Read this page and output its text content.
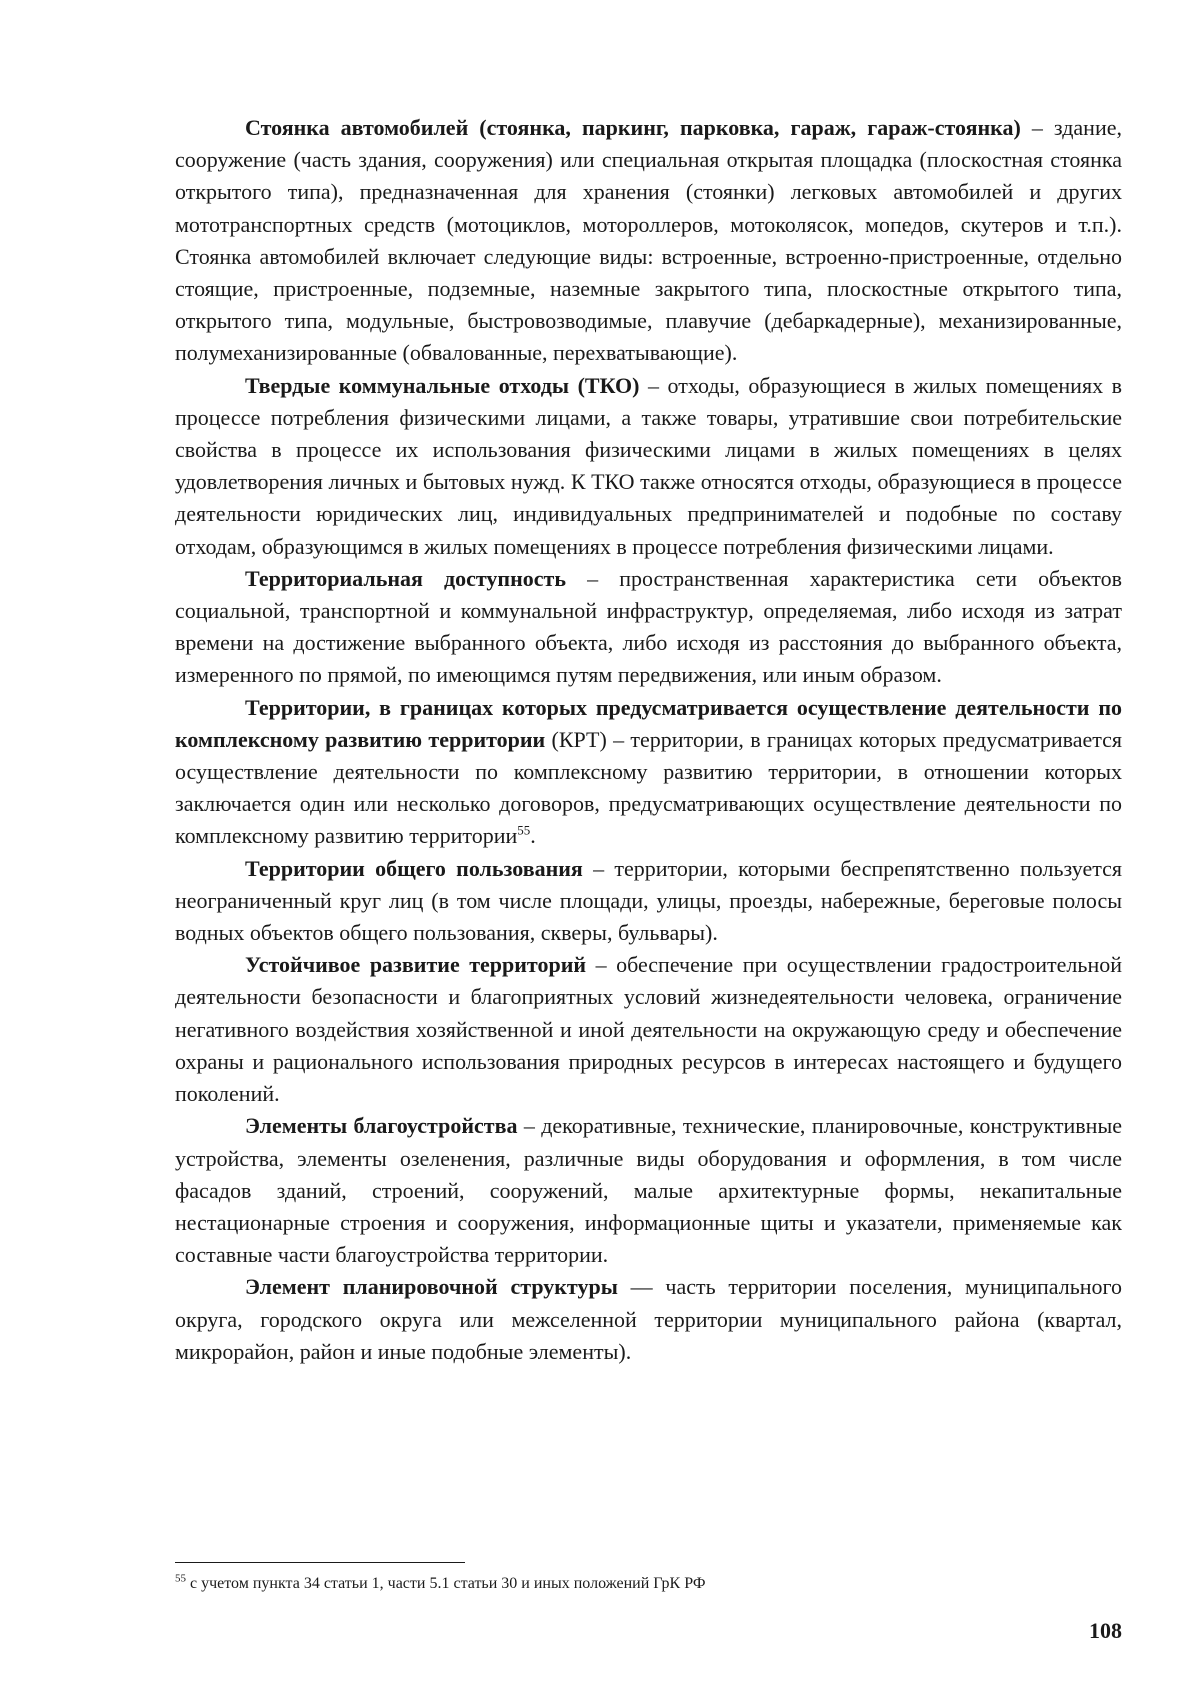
Стоянка автомобилей (стоянка, паркинг, парковка, гараж, гараж-стоянка) – здание, сооружение (часть здания, сооружения) или специальная открытая площадка (плоскостная стоянка открытого типа), предназначенная для хранения (стоянки) легковых автомобилей и других мототранспортных средств (мотоциклов, мотороллеров, мотоколясок, мопедов, скутеров и т.п.). Стоянка автомобилей включает следующие виды: встроенные, встроенно-пристроенные, отдельно стоящие, пристроенные, подземные, наземные закрытого типа, плоскостные открытого типа, открытого типа, модульные, быстровозводимые, плавучие (дебаркадерные), механизированные, полумеханизированные (обвалованные, перехватывающие).

Твердые коммунальные отходы (ТКО) – отходы, образующиеся в жилых помещениях в процессе потребления физическими лицами, а также товары, утратившие свои потребительские свойства в процессе их использования физическими лицами в жилых помещениях в целях удовлетворения личных и бытовых нужд. К ТКО также относятся отходы, образующиеся в процессе деятельности юридических лиц, индивидуальных предпринимателей и подобные по составу отходам, образующимся в жилых помещениях в процессе потребления физическими лицами.

Территориальная доступность – пространственная характеристика сети объектов социальной, транспортной и коммунальной инфраструктур, определяемая, либо исходя из затрат времени на достижение выбранного объекта, либо исходя из расстояния до выбранного объекта, измеренного по прямой, по имеющимся путям передвижения, или иным образом.

Территории, в границах которых предусматривается осуществление деятельности по комплексному развитию территории (КРТ) – территории, в границах которых предусматривается осуществление деятельности по комплексному развитию территории, в отношении которых заключается один или несколько договоров, предусматривающих осуществление деятельности по комплексному развитию территории$^{55}$.

Территории общего пользования – территории, которыми беспрепятственно пользуется неограниченный круг лиц (в том числе площади, улицы, проезды, набережные, береговые полосы водных объектов общего пользования, скверы, бульвары).

Устойчивое развитие территорий – обеспечение при осуществлении градостроительной деятельности безопасности и благоприятных условий жизнедеятельности человека, ограничение негативного воздействия хозяйственной и иной деятельности на окружающую среду и обеспечение охраны и рационального использования природных ресурсов в интересах настоящего и будущего поколений.

Элементы благоустройства – декоративные, технические, планировочные, конструктивные устройства, элементы озеленения, различные виды оборудования и оформления, в том числе фасадов зданий, строений, сооружений, малые архитектурные формы, некапитальные нестационарные строения и сооружения, информационные щиты и указатели, применяемые как составные части благоустройства территории.

Элемент планировочной структуры — часть территории поселения, муниципального округа, городского округа или межселенной территории муниципального района (квартал, микрорайон, район и иные подобные элементы).

$^{55}$ с учетом пункта 34 статьи 1, части 5.1 статьи 30 и иных положений ГрК РФ
108
